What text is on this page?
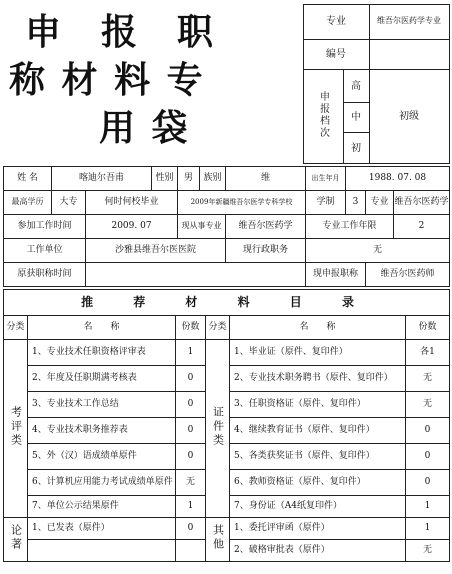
申　报　职
称 材 料 专
用 袋	专业		维吾尔医药学专业
	编号		
	申报档次	高	初级
		中	
		初	
姓 名	喀迪尔吾甫		性别	男	族别	维	出生年月	1988. 07. 08		
最高学历	大专	何时何校毕业		2009年新疆维吾尔医学专科学校			学制	3	专业	维吾尔医药学
参加工作时间		2009. 07		现从事专业		维吾尔医药学	专业工作年限			2
工作单位		沙雅县维吾尔医医院				现行政职务	无			
原获职称时间							现申报职称		维吾尔医药师	
推 荐 材 料 目 录					
分类	名　　称	份数	分类	名　　称	份数
考评类	1、专业技术任职资格评审表	1	证件类	1、毕业证（原件、复印件）	各1
	2、年度及任职期满考核表	0		2、专业技术职务聘书（原件、复印件）	无
	3、专业技术工作总结	0		3、任职资格证（原件、复印件）	无
	4、专业技术职务推荐表	0		4、继续教育证书（原件、复印件）	0
	5、外（汉）语成绩单原件	0		5、各类获奖证书（原件、复印件）	0
	6、计算机应用能力考试成绩单原件	无		6、教师资格证（原件、复印件）	0
	7、单位公示结果原件	1		7、身份证（A4纸复印件）	1
论著	1、已发表（原件）	0	其他	1、委托评审函（原件）	1
				2、破格审批表（原件）	无
